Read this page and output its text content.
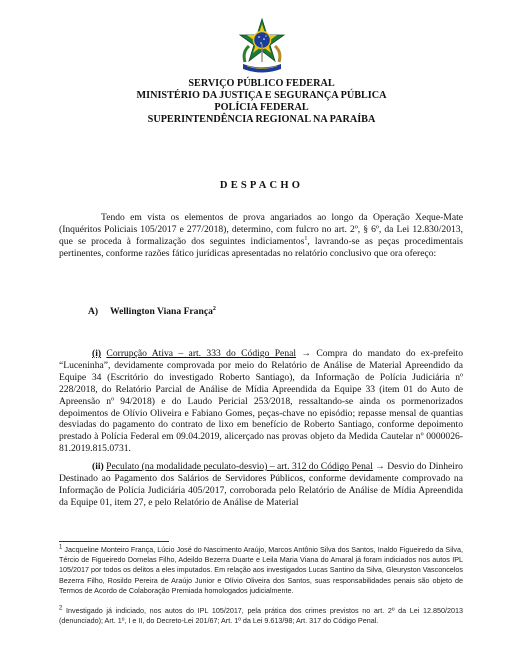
SERVIÇO PÚBLICO FEDERAL
MINISTÉRIO DA JUSTIÇA E SEGURANÇA PÚBLICA
POLÍCIA FEDERAL
SUPERINTENDÊNCIA REGIONAL NA PARAÍBA
DESPACHO
Tendo em vista os elementos de prova angariados ao longo da Operação Xeque-Mate (Inquéritos Policiais 105/2017 e 277/2018), determino, com fulcro no art. 2º, § 6º, da Lei 12.830/2013, que se proceda à formalização dos seguintes indiciamentos$^1$, lavrando-se as peças procedimentais pertinentes, conforme razões fático jurídicas apresentadas no relatório conclusivo que ora ofereço:
A) Wellington Viana França$^2$
(i) Corrupção Ativa – art. 333 do Código Penal → Compra do mandato do ex-prefeito “Luceninha”, devidamente comprovada por meio do Relatório de Análise de Material Apreendido da Equipe 34 (Escritório do investigado Roberto Santiago), da Informação de Polícia Judiciária nº 228/2018, do Relatório Parcial de Análise de Mídia Apreendida da Equipe 33 (item 01 do Auto de Apreensão nº 94/2018) e do Laudo Pericial 253/2018, ressaltando-se ainda os pormenorizados depoimentos de Olívio Oliveira e Fabiano Gomes, peças-chave no episódio; repasse mensal de quantias desviadas do pagamento do contrato de lixo em benefício de Roberto Santiago, conforme depoimento prestado à Polícia Federal em 09.04.2019, alicerçado nas provas objeto da Medida Cautelar nº 0000026-81.2019.815.0731.
(ii) Peculato (na modalidade peculato-desvio) – art. 312 do Código Penal → Desvio do Dinheiro Destinado ao Pagamento dos Salários de Servidores Públicos, conforme devidamente comprovado na Informação de Polícia Judiciária 405/2017, corroborada pelo Relatório de Análise de Mídia Apreendida da Equipe 01, item 27, e pelo Relatório de Análise de Material
$^1$ Jacqueline Monteiro França, Lúcio José do Nascimento Araújo, Marcos Antônio Silva dos Santos, Inaldo Figueiredo da Silva, Tércio de Figueiredo Dornelas Filho, Adeildo Bezerra Duarte e Leila Maria Viana do Amaral já foram indiciados nos autos IPL 105/2017 por todos os delitos a eles imputados. Em relação aos investigados Lucas Santino da Silva, Gleuryston Vasconcelos Bezerra Filho, Rosildo Pereira de Araújo Junior e Olívio Oliveira dos Santos, suas responsabilidades penais são objeto de Termos de Acordo de Colaboração Premiada homologados judicialmente.
$^2$ Investigado já indiciado, nos autos do IPL 105/2017, pela prática dos crimes previstos no art. 2º da Lei 12.850/2013 (denunciado); Art. 1º, I e II, do Decreto-Lei 201/67; Art. 1º da Lei 9.613/98; Art. 317 do Código Penal.
